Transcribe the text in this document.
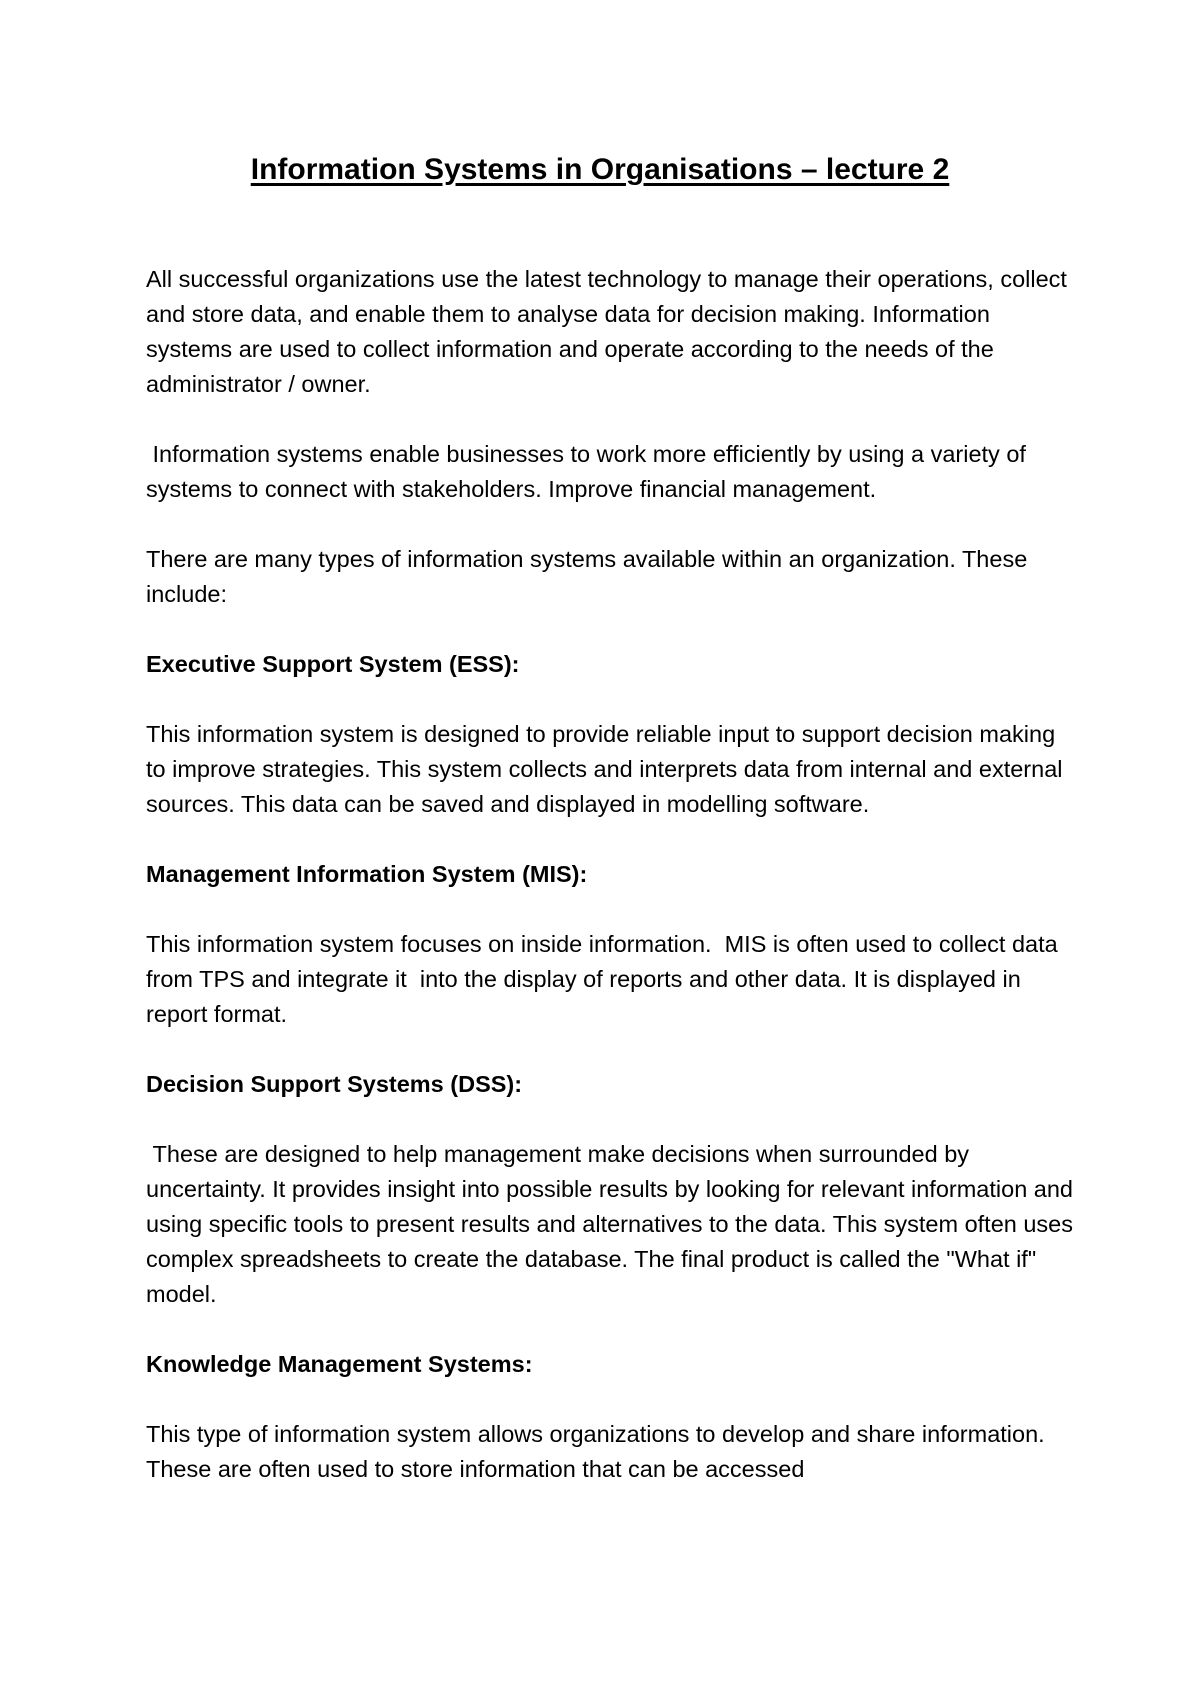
Information Systems in Organisations – lecture 2

All successful organizations use the latest technology to manage their operations, collect and store data, and enable them to analyse data for decision making. Information systems are used to collect information and operate according to the needs of the administrator / owner.

Information systems enable businesses to work more efficiently by using a variety of systems to connect with stakeholders. Improve financial management.

There are many types of information systems available within an organization. These include:

Executive Support System (ESS):

This information system is designed to provide reliable input to support decision making to improve strategies. This system collects and interprets data from internal and external sources. This data can be saved and displayed in modelling software.

Management Information System (MIS):

This information system focuses on inside information.  MIS is often used to collect data from TPS and integrate it  into the display of reports and other data. It is displayed in report format.

Decision Support Systems (DSS):

These are designed to help management make decisions when surrounded by uncertainty. It provides insight into possible results by looking for relevant information and using specific tools to present results and alternatives to the data. This system often uses complex spreadsheets to create the database. The final product is called the "What if" model.

Knowledge Management Systems:

This type of information system allows organizations to develop and share information. These are often used to store information that can be accessed
